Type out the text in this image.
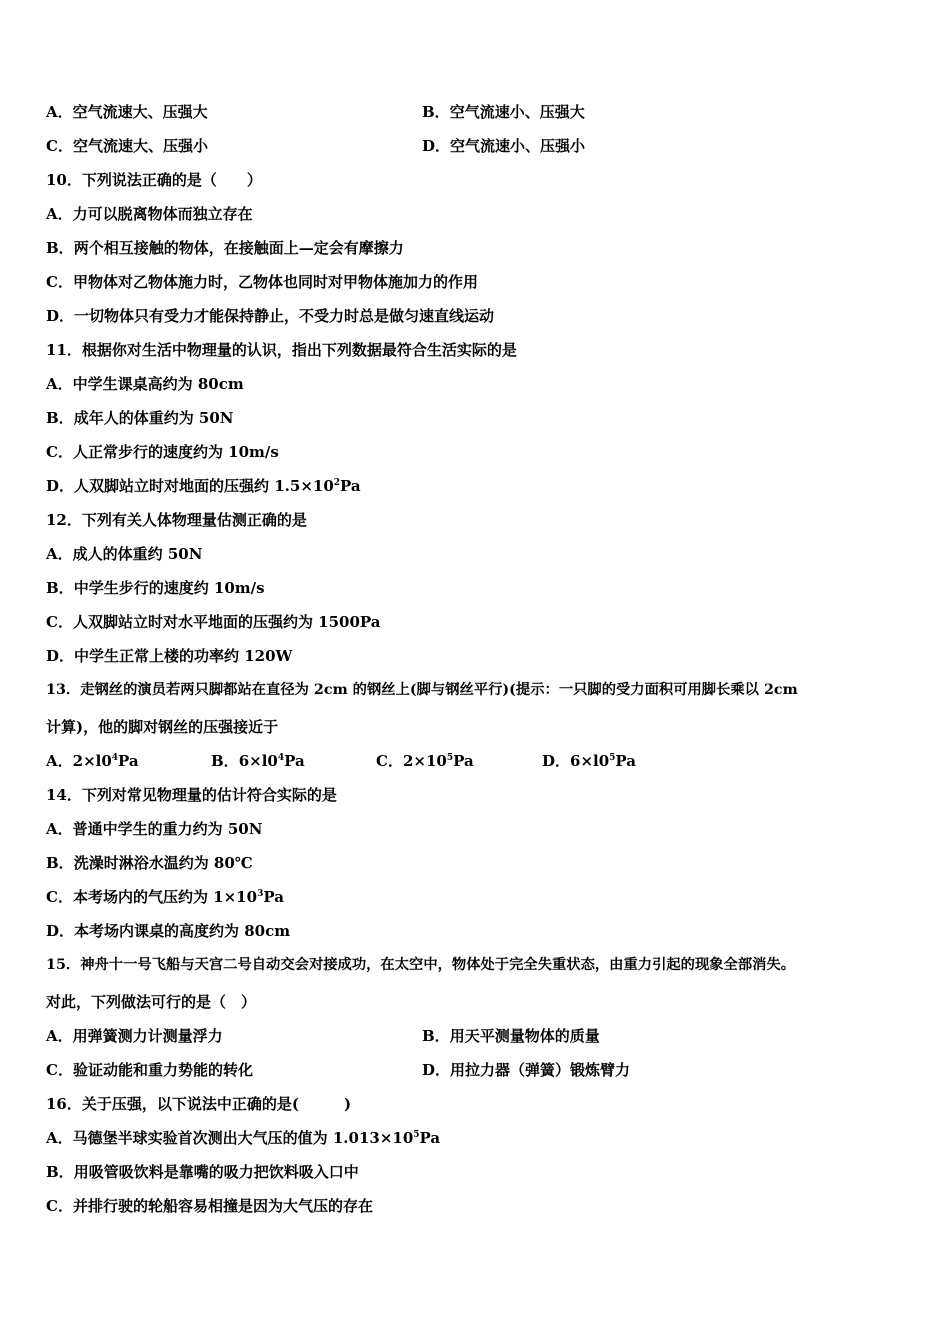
A．空气流速大、压强大	B．空气流速小、压强大
C．空气流速大、压强小	D．空气流速小、压强小
10．下列说法正确的是（　　）
A．力可以脱离物体而独立存在
B．两个相互接触的物体，在接触面上—定会有摩擦力
C．甲物体对乙物体施力时，乙物体也同时对甲物体施加力的作用
D．一切物体只有受力才能保持静止，不受力时总是做匀速直线运动
11．根据你对生活中物理量的认识，指出下列数据最符合生活实际的是
A．中学生课桌高约为 80cm
B．成年人的体重约为 50N
C．人正常步行的速度约为 10m/s
D．人双脚站立时对地面的压强约 $1.5\times 10^2Pa$
12．下列有关人体物理量估测正确的是
A．成人的体重约 50N
B．中学生步行的速度约 10m/s
C．人双脚站立时对水平地面的压强约为 1500Pa
D．中学生正常上楼的功率约 120W
13．走钢丝的演员若两只脚都站在直径为 2cm 的钢丝上(脚与钢丝平行)(提示：一只脚的受力面积可用脚长乘以 2cm
计算)，他的脚对钢丝的压强接近于
A．$2\times l0^4Pa$	B．$6\times l0^4Pa$	C．$2\times 10^5Pa$	D．$6\times l0^5Pa$
14．下列对常见物理量的估计符合实际的是
A．普通中学生的重力约为 50N
B．洗澡时淋浴水温约为 80℃
C．本考场内的气压约为 $1\times 10^3Pa$
D．本考场内课桌的高度约为 80cm
15．神舟十一号飞船与天宫二号自动交会对接成功，在太空中，物体处于完全失重状态，由重力引起的现象全部消失。
对此，下列做法可行的是（　）
A．用弹簧测力计测量浮力	B．用天平测量物体的质量
C．验证动能和重力势能的转化	D．用拉力器（弹簧）锻炼臂力
16．关于压强，以下说法中正确的是(　　　)
A．马德堡半球实验首次测出大气压的值为 $1.013\times 10^5Pa$
B．用吸管吸饮料是靠嘴的吸力把饮料吸入口中
C．并排行驶的轮船容易相撞是因为大气压的存在
